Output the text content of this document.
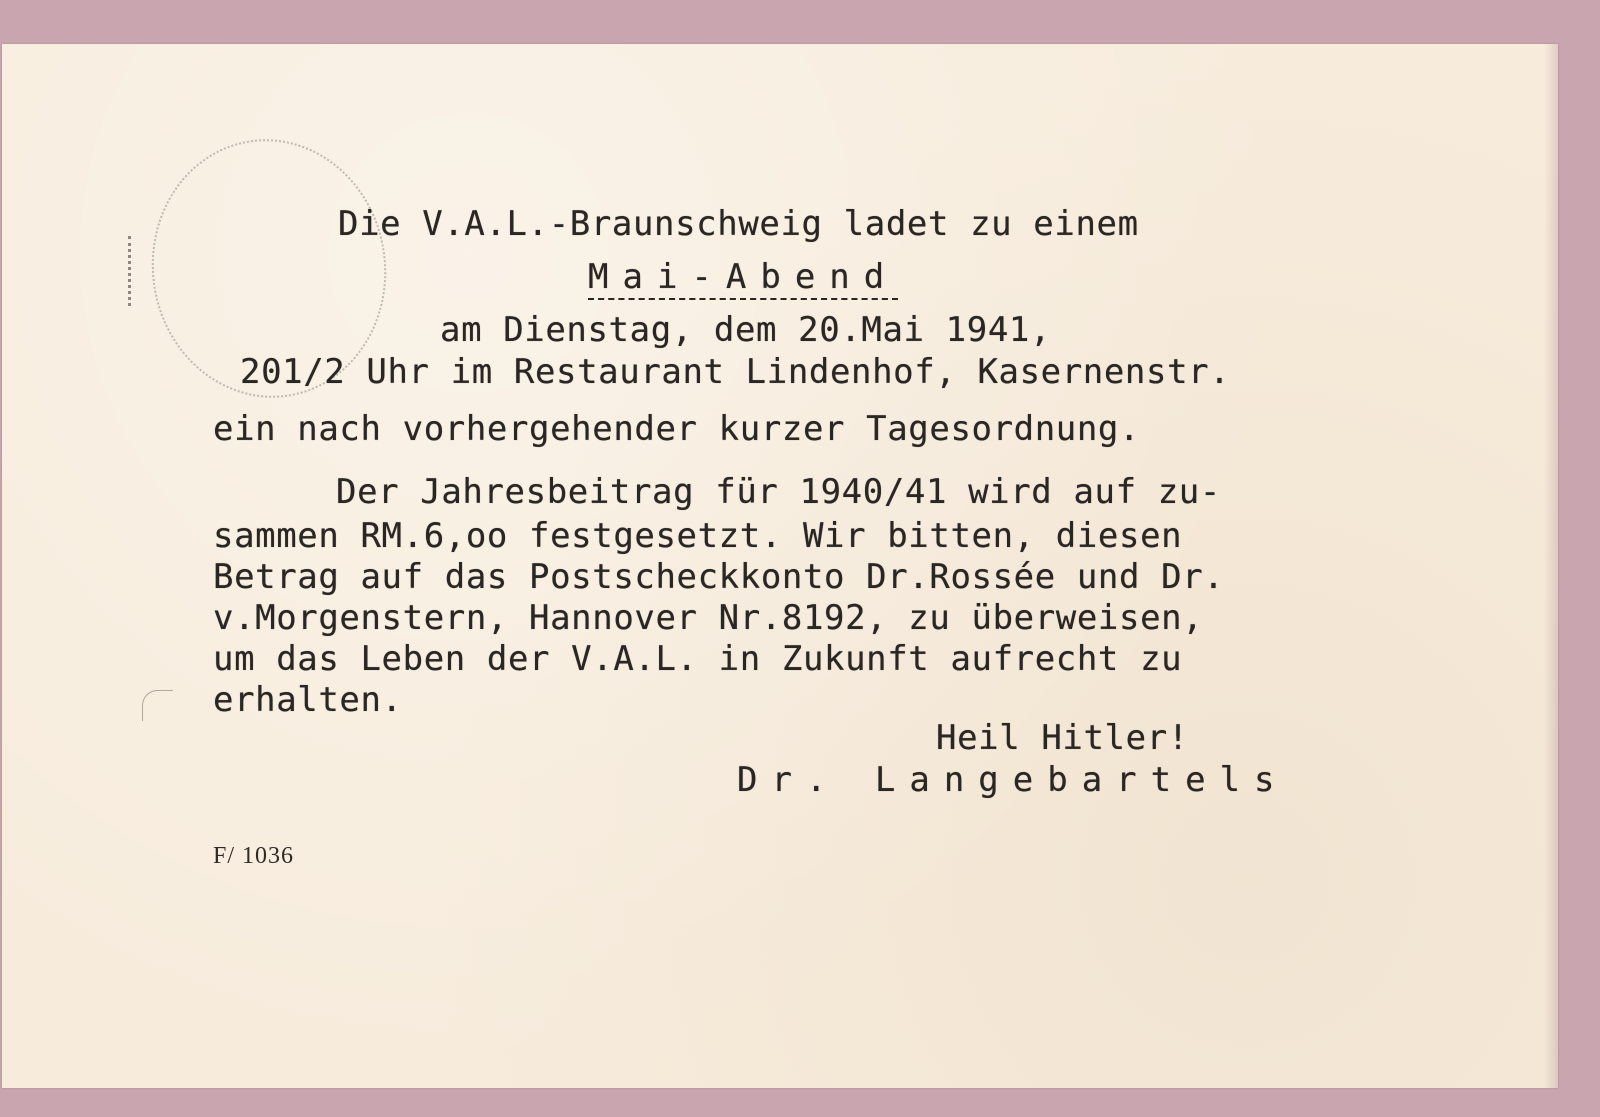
Die V.A.L.-Braunschweig ladet zu einem
Mai-Abend
am Dienstag, dem 20.Mai 1941,
201/2 Uhr im Restaurant Lindenhof, Kasernenstr.
ein nach vorhergehender kurzer Tagesordnung.
Der Jahresbeitrag für 1940/41 wird auf zu-
sammen RM.6,oo festgesetzt. Wir bitten, diesen
Betrag auf das Postscheckkonto Dr.Rossée und Dr.
v.Morgenstern, Hannover Nr.8192, zu überweisen,
um das Leben der V.A.L. in Zukunft aufrecht zu
erhalten.
Heil Hitler!
Dr. Langebartels
F/ 1036
